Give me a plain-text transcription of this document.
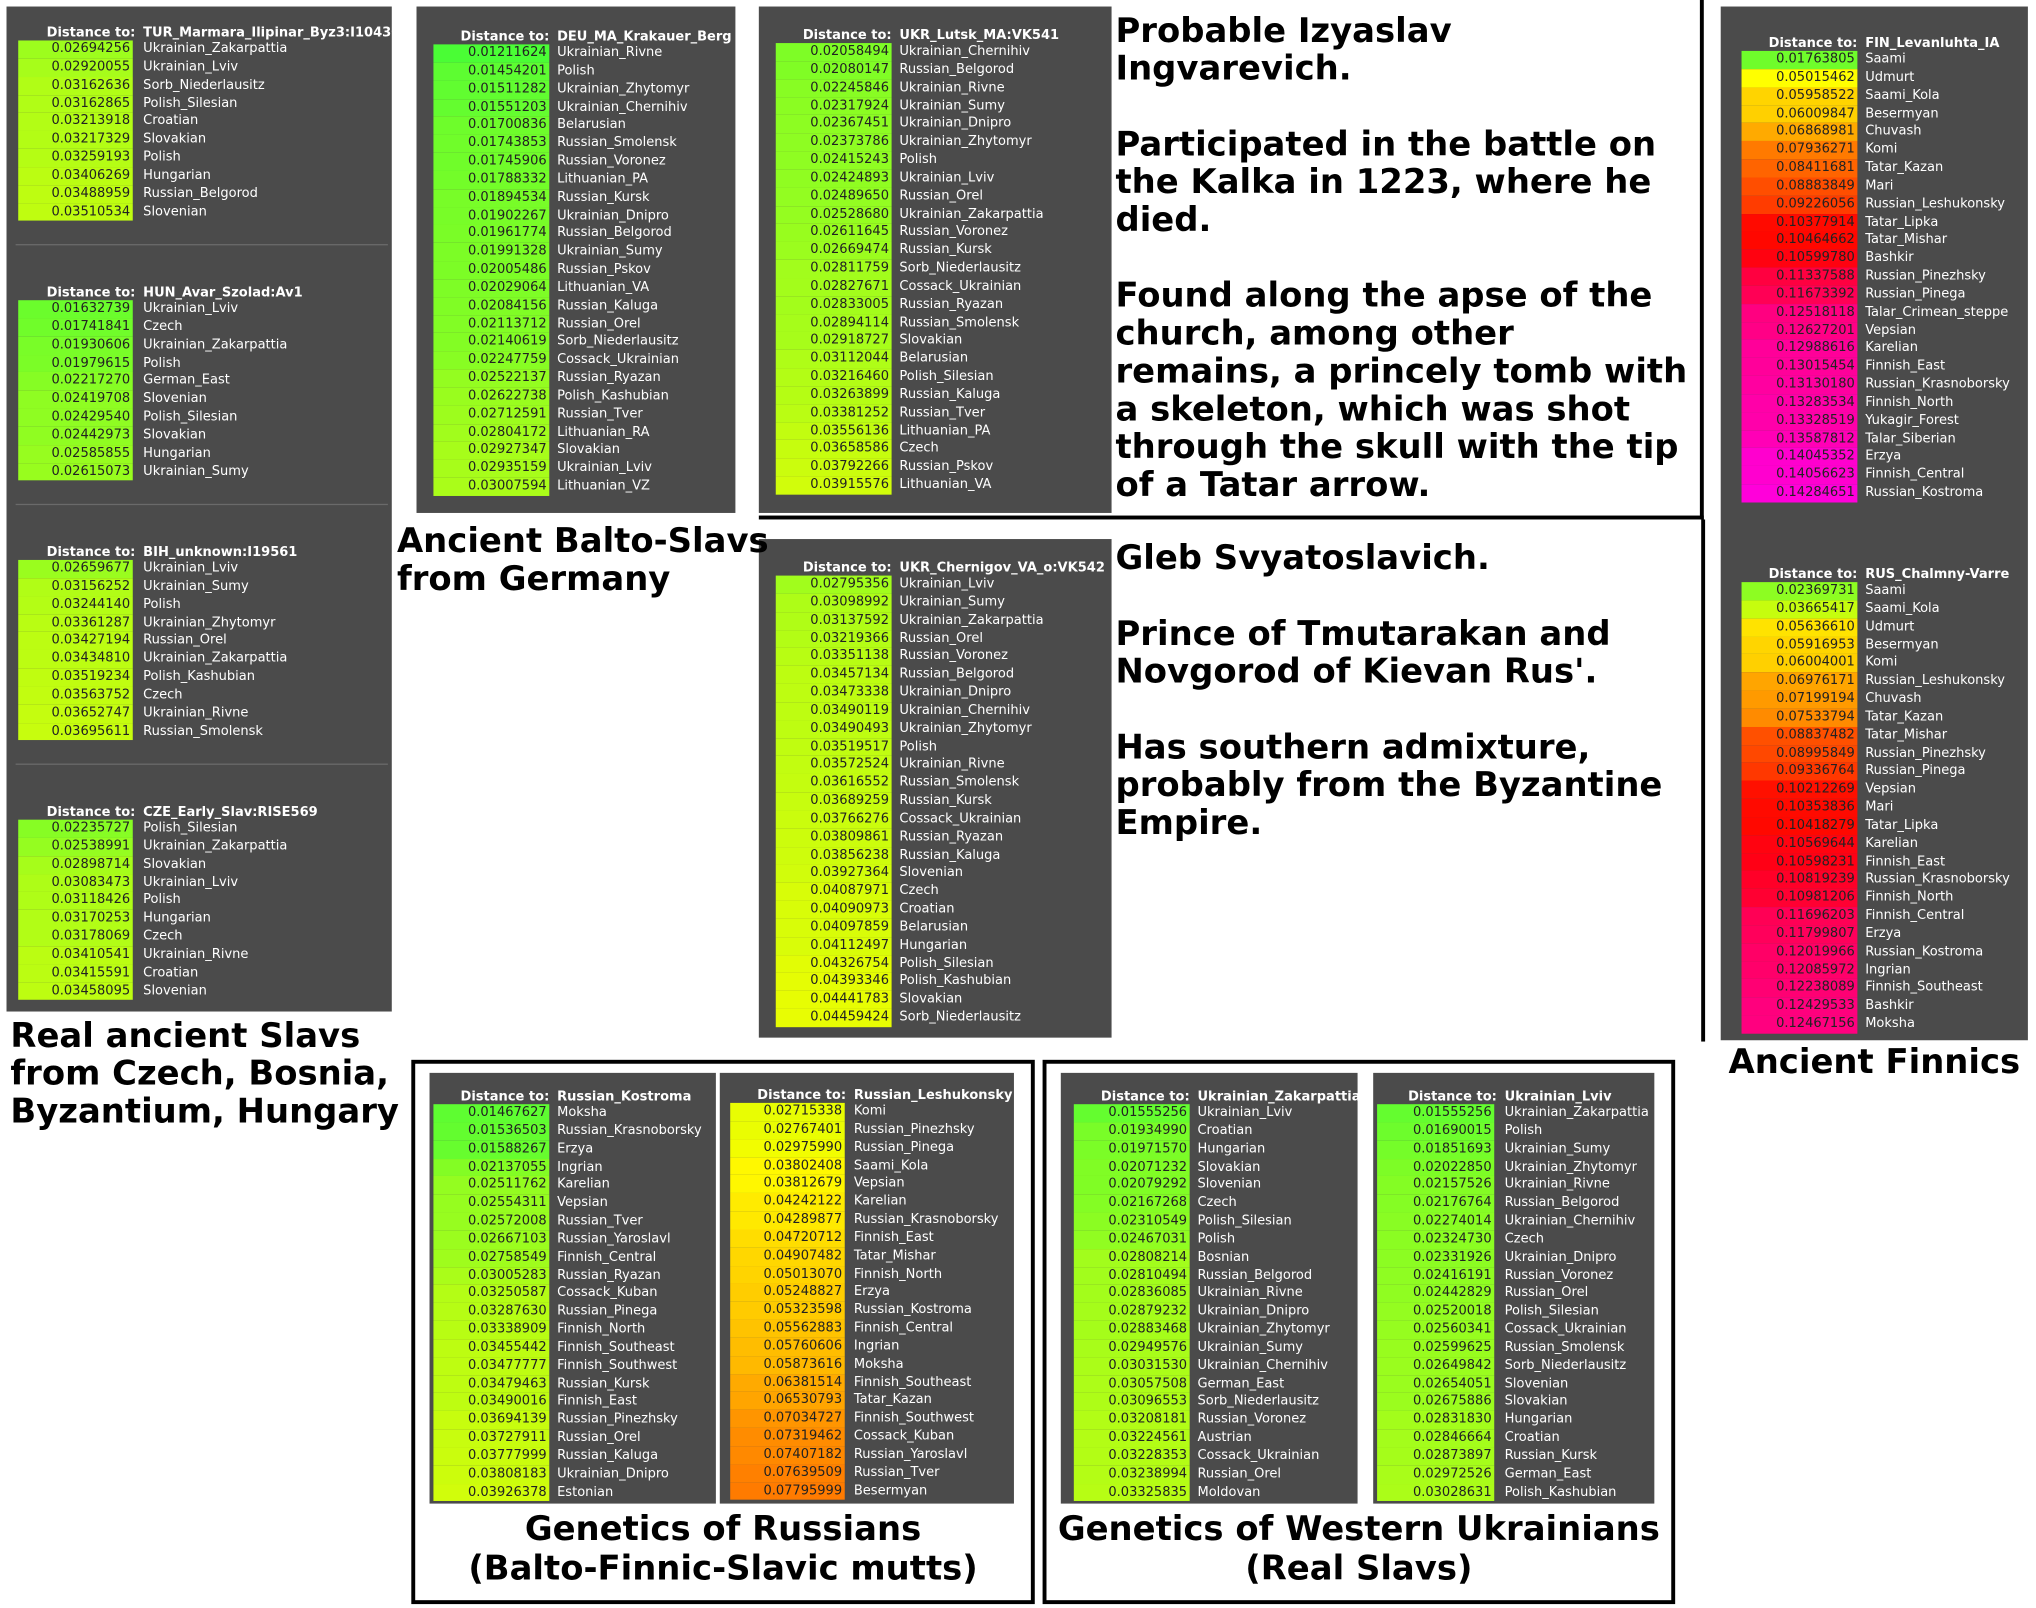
Distance to: TUR_Marmara_Ilipinar_Byz3:I10430
0.02694256 Ukrainian_Zakarpattia
0.02920055 Ukrainian_Lviv
0.03162636 Sorb_Niederlausitz
0.03162865 Polish_Silesian
0.03213918 Croatian
0.03217329 Slovakian
0.03259193 Polish
0.03406269 Hungarian
0.03488959 Russian_Belgorod
0.03510534 Slovenian
Distance to: HUN_Avar_Szolad:Av1
0.01632739 Ukrainian_Lviv
0.01741841 Czech
0.01930606 Ukrainian_Zakarpattia
0.01979615 Polish
0.02217270 German_East
0.02419708 Slovenian
0.02429540 Polish_Silesian
0.02442973 Slovakian
0.02585855 Hungarian
0.02615073 Ukrainian_Sumy
Distance to: BIH_unknown:I19561
0.02659677 Ukrainian_Lviv
0.03156252 Ukrainian_Sumy
0.03244140 Polish
0.03361287 Ukrainian_Zhytomyr
0.03427194 Russian_Orel
0.03434810 Ukrainian_Zakarpattia
0.03519234 Polish_Kashubian
0.03563752 Czech
0.03652747 Ukrainian_Rivne
0.03695611 Russian_Smolensk
Distance to: CZE_Early_Slav:RISE569
0.02235727 Polish_Silesian
0.02538991 Ukrainian_Zakarpattia
0.02898714 Slovakian
0.03083473 Ukrainian_Lviv
0.03118426 Polish
0.03170253 Hungarian
0.03178069 Czech
0.03410541 Ukrainian_Rivne
0.03415591 Croatian
0.03458095 Slovenian
Distance to: DEU_MA_Krakauer_Berg
0.01211624 Ukrainian_Rivne
0.01454201 Polish
0.01511282 Ukrainian_Zhytomyr
0.01551203 Ukrainian_Chernihiv
0.01700836 Belarusian
0.01743853 Russian_Smolensk
0.01745906 Russian_Voronez
0.01788332 Lithuanian_PA
0.01894534 Russian_Kursk
0.01902267 Ukrainian_Dnipro
0.01961774 Russian_Belgorod
0.01991328 Ukrainian_Sumy
0.02005486 Russian_Pskov
0.02029064 Lithuanian_VA
0.02084156 Russian_Kaluga
0.02113712 Russian_Orel
0.02140619 Sorb_Niederlausitz
0.02247759 Cossack_Ukrainian
0.02522137 Russian_Ryazan
0.02622738 Polish_Kashubian
0.02712591 Russian_Tver
0.02804172 Lithuanian_RA
0.02927347 Slovakian
0.02935159 Ukrainian_Lviv
0.03007594 Lithuanian_VZ
Distance to: UKR_Lutsk_MA:VK541
0.02058494 Ukrainian_Chernihiv
0.02080147 Russian_Belgorod
0.02245846 Ukrainian_Rivne
0.02317924 Ukrainian_Sumy
0.02367451 Ukrainian_Dnipro
0.02373786 Ukrainian_Zhytomyr
0.02415243 Polish
0.02424893 Ukrainian_Lviv
0.02489650 Russian_Orel
0.02528680 Ukrainian_Zakarpattia
0.02611645 Russian_Voronez
0.02669474 Russian_Kursk
0.02811759 Sorb_Niederlausitz
0.02827671 Cossack_Ukrainian
0.02833005 Russian_Ryazan
0.02894114 Russian_Smolensk
0.02918727 Slovakian
0.03112044 Belarusian
0.03216460 Polish_Silesian
0.03263899 Russian_Kaluga
0.03381252 Russian_Tver
0.03556136 Lithuanian_PA
0.03658586 Czech
0.03792266 Russian_Pskov
0.03915576 Lithuanian_VA
Distance to: UKR_Chernigov_VA_o:VK542
0.02795356 Ukrainian_Lviv
0.03098992 Ukrainian_Sumy
0.03137592 Ukrainian_Zakarpattia
0.03219366 Russian_Orel
0.03351138 Russian_Voronez
0.03457134 Russian_Belgorod
0.03473338 Ukrainian_Dnipro
0.03490119 Ukrainian_Chernihiv
0.03490493 Ukrainian_Zhytomyr
0.03519517 Polish
0.03572524 Ukrainian_Rivne
0.03616552 Russian_Smolensk
0.03689259 Russian_Kursk
0.03766276 Cossack_Ukrainian
0.03809861 Russian_Ryazan
0.03856238 Russian_Kaluga
0.03927364 Slovenian
0.04087971 Czech
0.04090973 Croatian
0.04097859 Belarusian
0.04112497 Hungarian
0.04326754 Polish_Silesian
0.04393346 Polish_Kashubian
0.04441783 Slovakian
0.04459424 Sorb_Niederlausitz
Distance to: FIN_Levanluhta_IA
0.01763805 Saami
0.05015462 Udmurt
0.05958522 Saami_Kola
0.06009847 Besermyan
0.06868981 Chuvash
0.07936271 Komi
0.08411681 Tatar_Kazan
0.08883849 Mari
0.09226056 Russian_Leshukonsky
0.10377914 Tatar_Lipka
0.10464662 Tatar_Mishar
0.10599780 Bashkir
0.11337588 Russian_Pinezhsky
0.11673392 Russian_Pinega
0.12518118 Talar_Crimean_steppe
0.12627201 Vepsian
0.12988616 Karelian
0.13015454 Finnish_East
0.13130180 Russian_Krasnoborsky
0.13283534 Finnish_North
0.13328519 Yukagir_Forest
0.13587812 Talar_Siberian
0.14045352 Erzya
0.14056623 Finnish_Central
0.14284651 Russian_Kostroma
Distance to: RUS_Chalmny-Varre
0.02369731 Saami
0.03665417 Saami_Kola
0.05636610 Udmurt
0.05916953 Besermyan
0.06004001 Komi
0.06976171 Russian_Leshukonsky
0.07199194 Chuvash
0.07533794 Tatar_Kazan
0.08837482 Tatar_Mishar
0.08995849 Russian_Pinezhsky
0.09336764 Russian_Pinega
0.10212269 Vepsian
0.10353836 Mari
0.10418279 Tatar_Lipka
0.10569644 Karelian
0.10598231 Finnish_East
0.10819239 Russian_Krasnoborsky
0.10981206 Finnish_North
0.11696203 Finnish_Central
0.11799807 Erzya
0.12019966 Russian_Kostroma
0.12085972 Ingrian
0.12238089 Finnish_Southeast
0.12429533 Bashkir
0.12467156 Moksha
Distance to: Russian_Kostroma
0.01467627 Moksha
0.01536503 Russian_Krasnoborsky
0.01588267 Erzya
0.02137055 Ingrian
0.02511762 Karelian
0.02554311 Vepsian
0.02572008 Russian_Tver
0.02667103 Russian_Yaroslavl
0.02758549 Finnish_Central
0.03005283 Russian_Ryazan
0.03250587 Cossack_Kuban
0.03287630 Russian_Pinega
0.03338909 Finnish_North
0.03455442 Finnish_Southeast
0.03477777 Finnish_Southwest
0.03479463 Russian_Kursk
0.03490016 Finnish_East
0.03694139 Russian_Pinezhsky
0.03727911 Russian_Orel
0.03777999 Russian_Kaluga
0.03808183 Ukrainian_Dnipro
0.03926378 Estonian
Distance to: Russian_Leshukonsky
0.02715338 Komi
0.02767401 Russian_Pinezhsky
0.02975990 Russian_Pinega
0.03802408 Saami_Kola
0.03812679 Vepsian
0.04242122 Karelian
0.04289877 Russian_Krasnoborsky
0.04720712 Finnish_East
0.04907482 Tatar_Mishar
0.05013070 Finnish_North
0.05248827 Erzya
0.05323598 Russian_Kostroma
0.05562883 Finnish_Central
0.05760606 Ingrian
0.05873616 Moksha
0.06381514 Finnish_Southeast
0.06530793 Tatar_Kazan
0.07034727 Finnish_Southwest
0.07319462 Cossack_Kuban
0.07407182 Russian_Yaroslavl
0.07639509 Russian_Tver
0.07795999 Besermyan
Distance to: Ukrainian_Zakarpattia
0.01555256 Ukrainian_Lviv
0.01934990 Croatian
0.01971570 Hungarian
0.02071232 Slovakian
0.02079292 Slovenian
0.02167268 Czech
0.02310549 Polish_Silesian
0.02467031 Polish
0.02808214 Bosnian
0.02810494 Russian_Belgorod
0.02836085 Ukrainian_Rivne
0.02879232 Ukrainian_Dnipro
0.02883468 Ukrainian_Zhytomyr
0.02949576 Ukrainian_Sumy
0.03031530 Ukrainian_Chernihiv
0.03057508 German_East
0.03096553 Sorb_Niederlausitz
0.03208181 Russian_Voronez
0.03224561 Austrian
0.03228353 Cossack_Ukrainian
0.03238994 Russian_Orel
0.03325835 Moldovan
Distance to: Ukrainian_Lviv
0.01555256 Ukrainian_Zakarpattia
0.01690015 Polish
0.01851693 Ukrainian_Sumy
0.02022850 Ukrainian_Zhytomyr
0.02157526 Ukrainian_Rivne
0.02176764 Russian_Belgorod
0.02274014 Ukrainian_Chernihiv
0.02324730 Czech
0.02331926 Ukrainian_Dnipro
0.02416191 Russian_Voronez
0.02442829 Russian_Orel
0.02520018 Polish_Silesian
0.02560341 Cossack_Ukrainian
0.02599625 Russian_Smolensk
0.02649842 Sorb_Niederlausitz
0.02654051 Slovenian
0.02675886 Slovakian
0.02831830 Hungarian
0.02846664 Croatian
0.02873897 Russian_Kursk
0.02972526 German_East
0.03028631 Polish_Kashubian
Real ancient Slavs
from Czech, Bosnia,
Byzantium, Hungary
Ancient Balto-Slavs
from Germany
Ancient Finnics
Genetics of Russians
(Balto-Finnic-Slavic mutts)
Genetics of Western Ukrainians
(Real Slavs)

Probable Izyaslav Ingvarevich.

Participated in the battle on the Kalka in 1223, where he died.

Found along the apse of the church, among other remains, a princely tomb with a skeleton, which was shot through the skull with the tip of a Tatar arrow.

Gleb Svyatoslavich.

Prince of Tmutarakan and Novgorod of Kievan Rus'.

Has southern admixture, probably from the Byzantine Empire.
